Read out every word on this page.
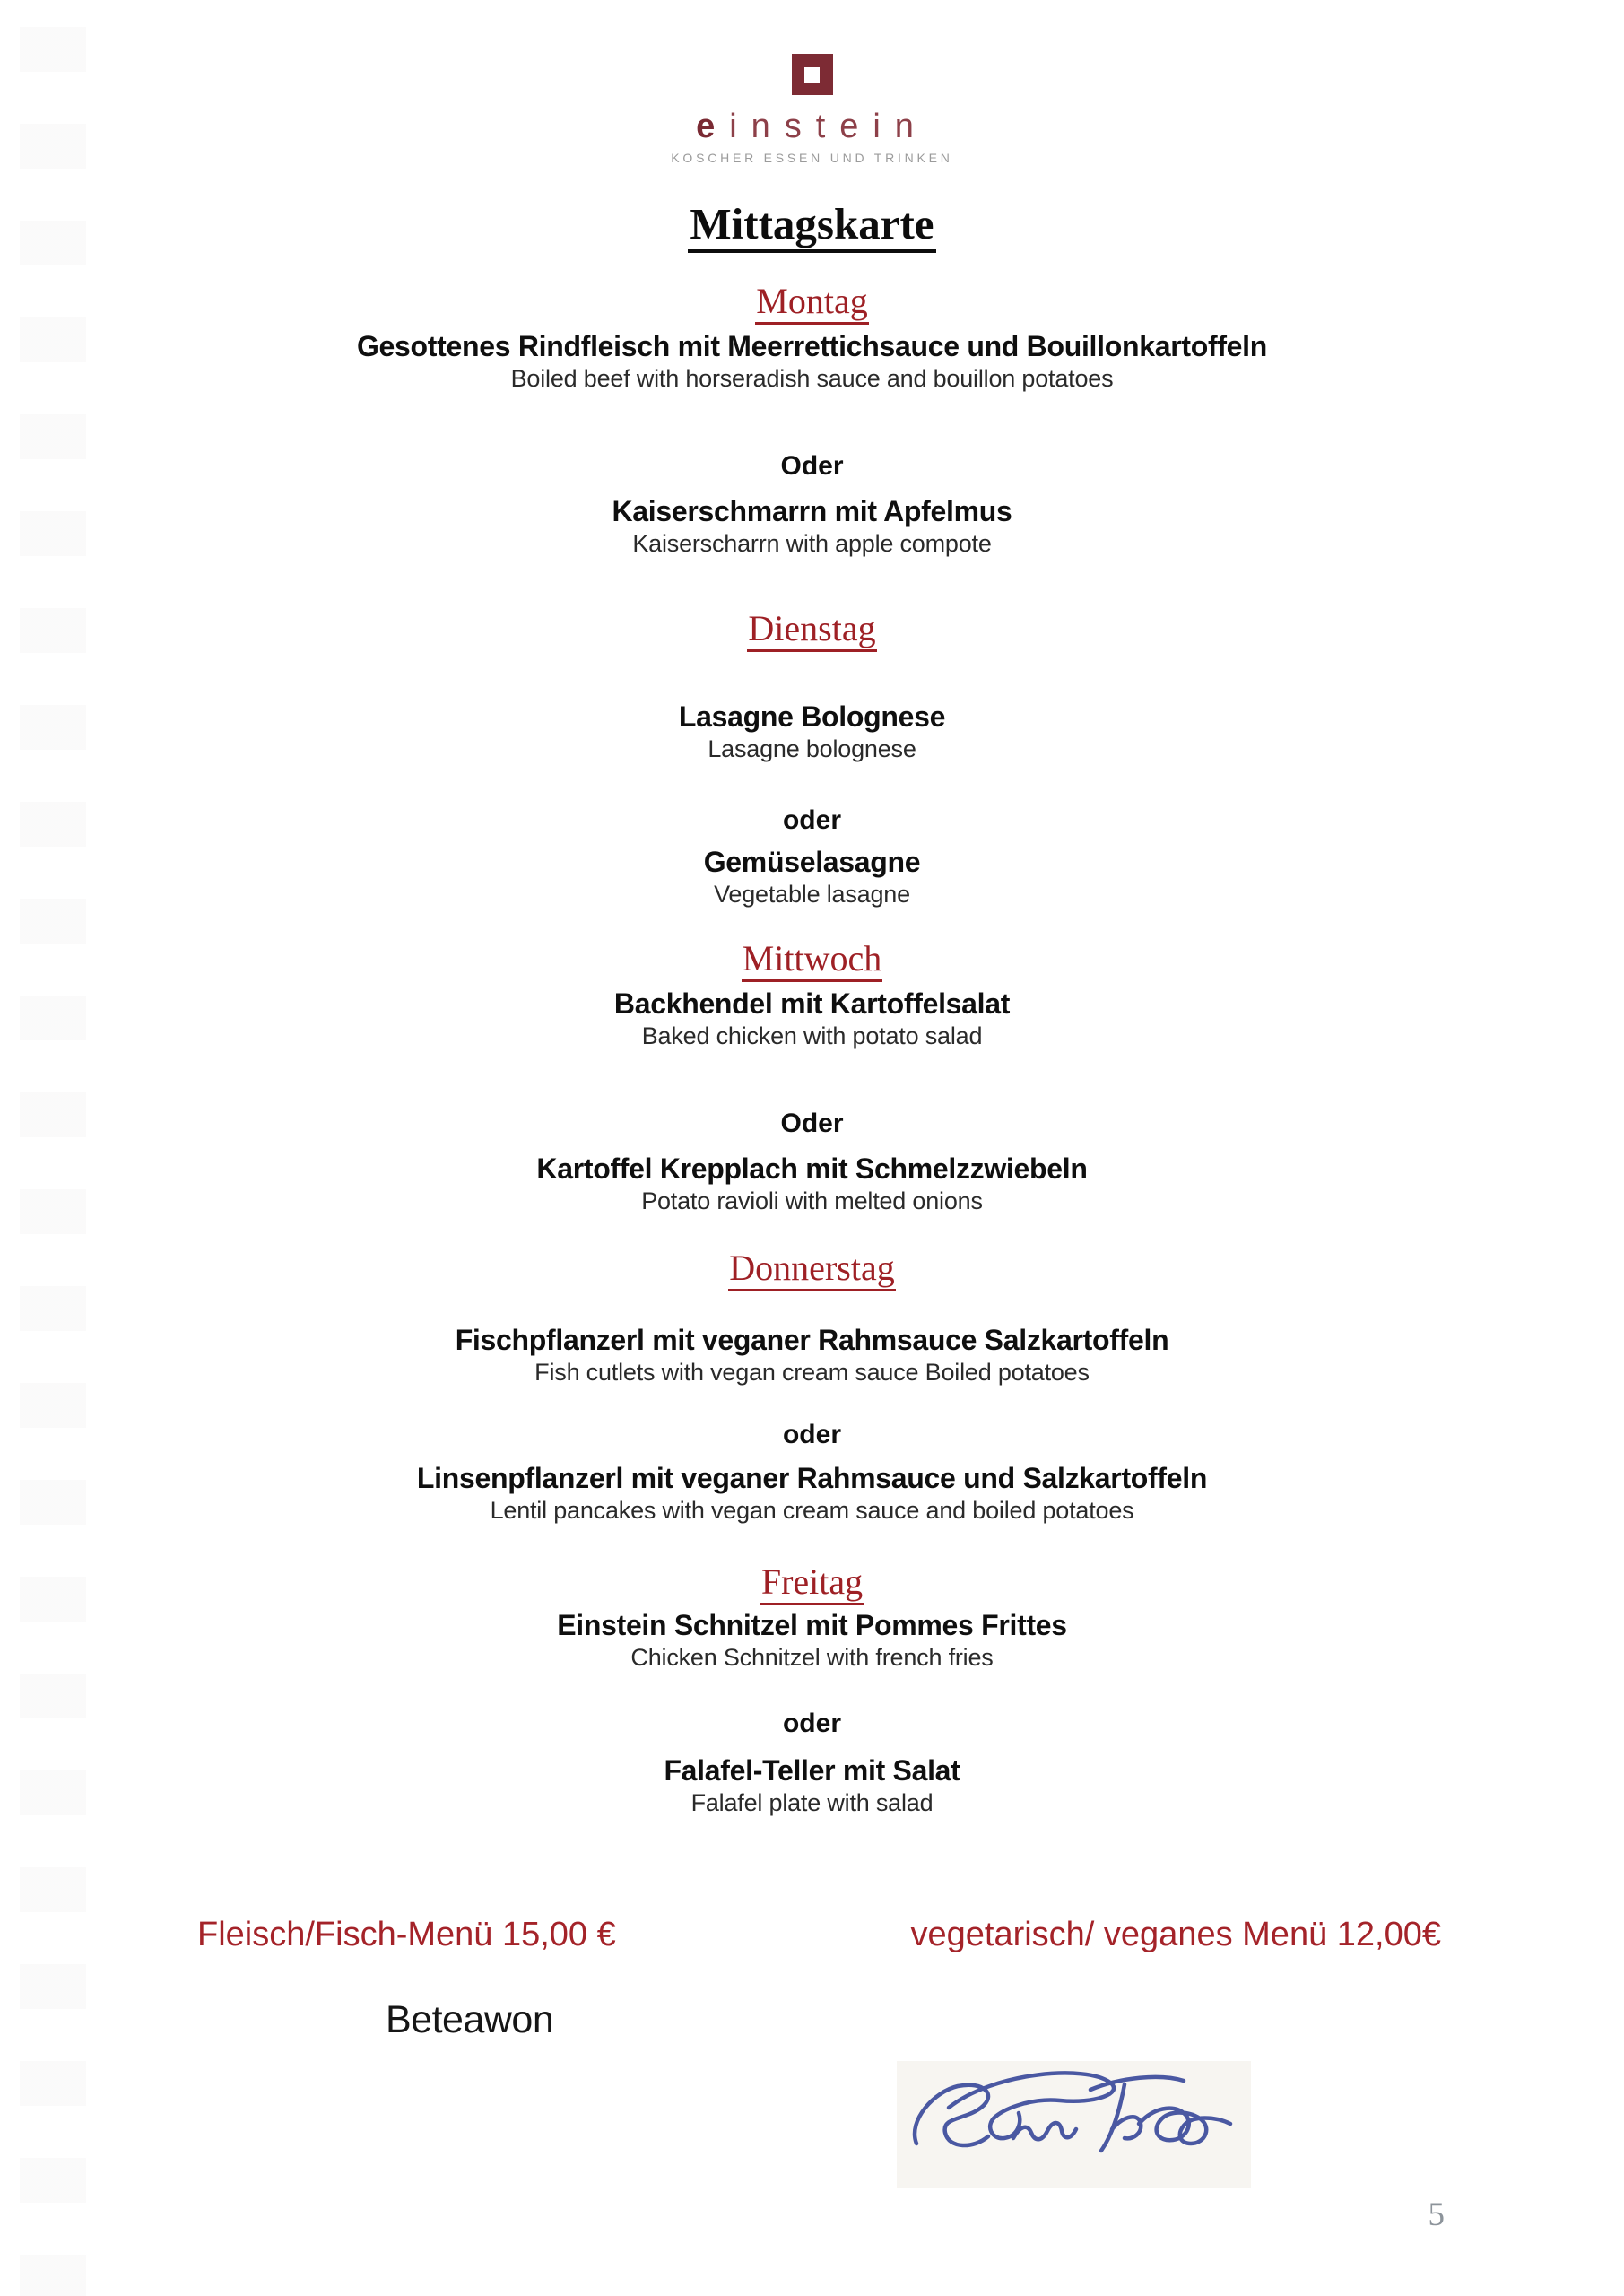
einstein
KOSCHER ESSEN UND TRINKEN
Mittagskarte
Montag
Gesottenes Rindfleisch mit Meerrettichsauce und Bouillonkartoffeln
Boiled beef with horseradish sauce and bouillon potatoes
Oder
Kaiserschmarrn mit Apfelmus
Kaiserscharrn with apple compote
Dienstag
Lasagne Bolognese
Lasagne bolognese
oder
Gemüselasagne
Vegetable lasagne
Mittwoch
Backhendel mit Kartoffelsalat
Baked chicken with potato salad
Oder
Kartoffel Krepplach mit Schmelzzwiebeln
Potato ravioli with melted onions
Donnerstag
Fischpflanzerl mit veganer Rahmsauce Salzkartoffeln
Fish cutlets with vegan cream sauce Boiled potatoes
oder
Linsenpflanzerl mit veganer Rahmsauce und Salzkartoffeln
Lentil pancakes with vegan cream sauce and boiled potatoes
Freitag
Einstein Schnitzel mit Pommes Frittes
Chicken Schnitzel with french fries
oder
Falafel-Teller mit Salat
Falafel plate with salad
Fleisch/Fisch-Menü 15,00 €	vegetarisch/ veganes Menü 12,00€
Beteawon
5
